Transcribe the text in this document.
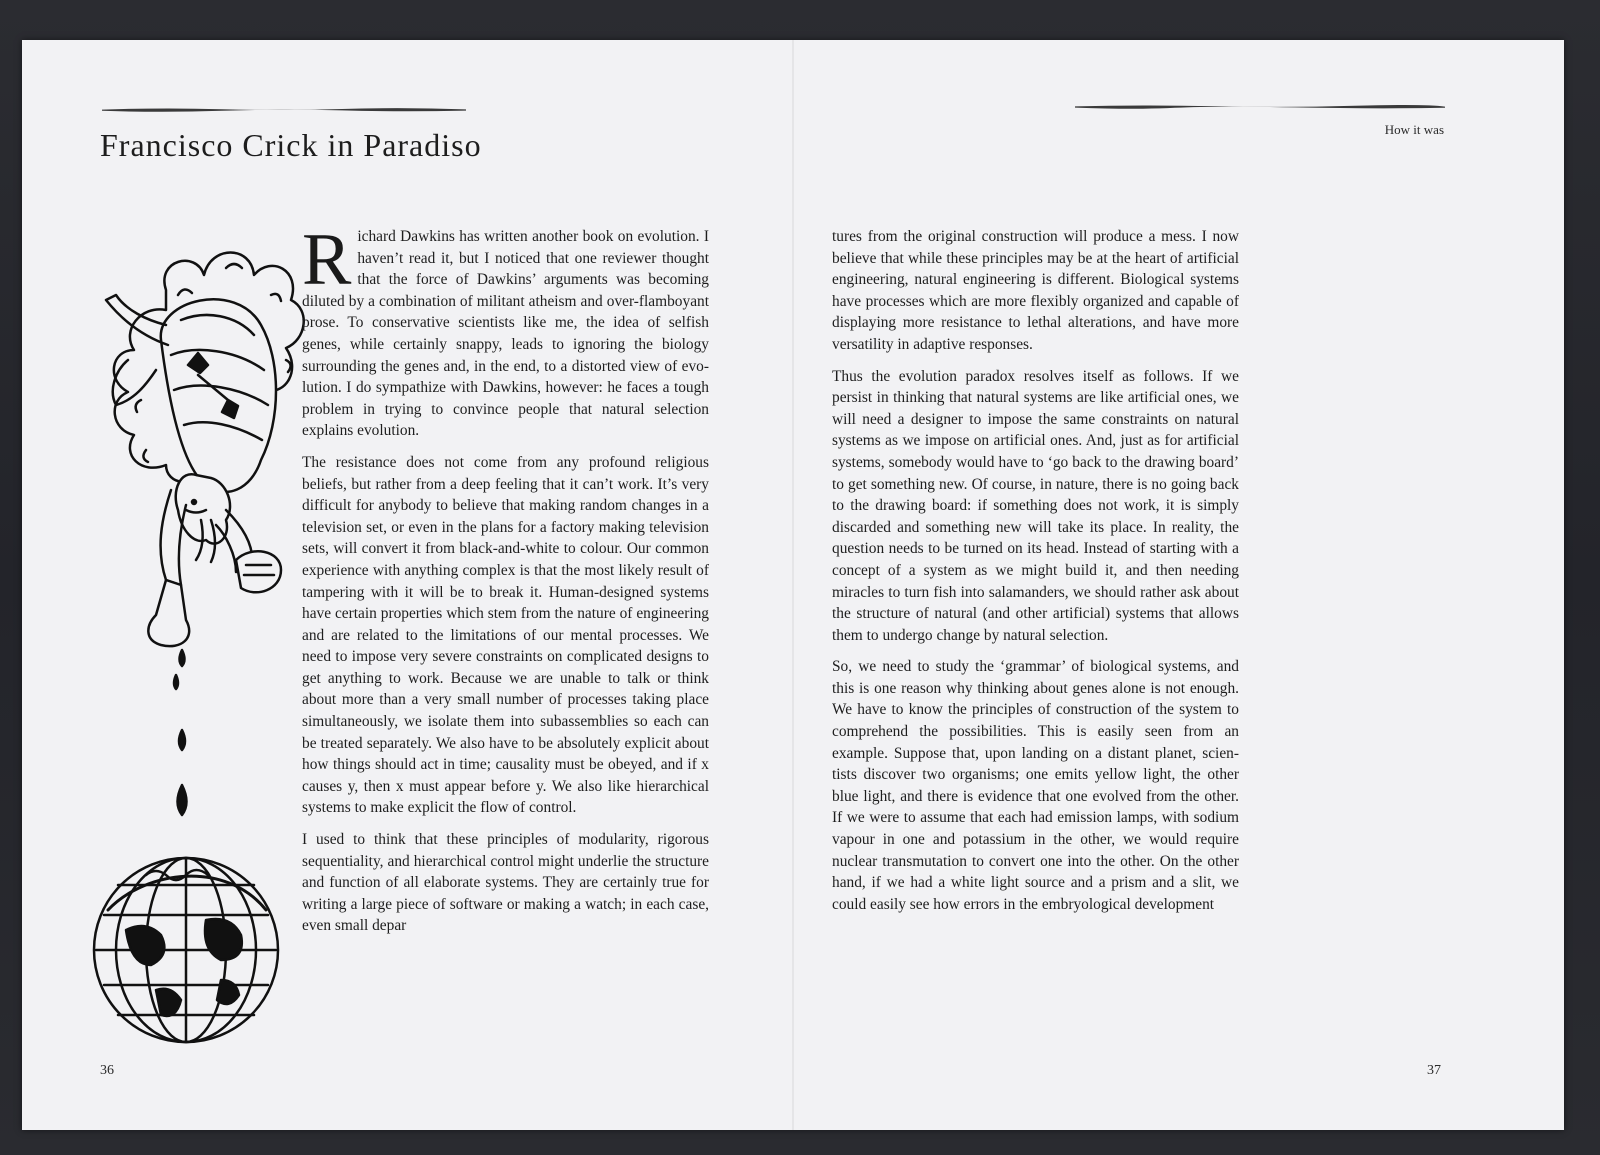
Francisco Crick in Paradiso

Richard Dawkins has written another book on evolution. I haven’t read it, but I noticed that one reviewer thought that the force of Dawkins’ arguments was becoming diluted by a combination of militant atheism and over-flamboyant prose. To conservative scientists like me, the idea of selfish genes, while certainly snappy, leads to ignoring the biology surrounding the genes and, in the end, to a distorted view of evolution. I do sympathize with Dawkins, however: he faces a tough problem in trying to convince people that natural selection explains evolution.

The resistance does not come from any profound religious beliefs, but rather from a deep feeling that it can’t work. It’s very difficult for anybody to believe that making random changes in a television set, or even in the plans for a factory making television sets, will convert it from black-and-white to colour. Our common experience with anything complex is that the most likely result of tampering with it will be to break it. Human-designed systems have certain properties which stem from the nature of engineering and are related to the limitations of our mental processes. We need to impose very severe constraints on complicated designs to get anything to work. Because we are unable to talk or think about more than a very small number of processes taking place simultaneously, we isolate them into subassemblies so each can be treated separately. We also have to be absolutely explicit about how things should act in time; causality must be obeyed, and if x causes y, then x must appear before y. We also like hierarchical systems to make explicit the flow of control.

I used to think that these principles of modularity, rigorous sequentiality, and hierarchical control might underlie the structure and function of all elaborate systems. They are certainly true for writing a large piece of software or making a watch; in each case, even small depar

36
How it was

tures from the original construction will produce a mess. I now believe that while these principles may be at the heart of artificial engineering, natural engineering is different. Biological systems have processes which are more flexibly organized and capable of displaying more resistance to lethal alterations, and have more versatility in adaptive responses.

Thus the evolution paradox resolves itself as follows. If we persist in thinking that natural systems are like artificial ones, we will need a designer to impose the same constraints on natural systems as we impose on artificial ones. And, just as for artificial systems, somebody would have to ‘go back to the drawing board’ to get something new. Of course, in nature, there is no going back to the drawing board: if something does not work, it is simply discarded and something new will take its place. In reality, the question needs to be turned on its head. Instead of starting with a concept of a system as we might build it, and then needing miracles to turn fish into salamanders, we should rather ask about the structure of natural (and other artificial) systems that allows them to undergo change by natural selection.

So, we need to study the ‘grammar’ of biological systems, and this is one reason why thinking about genes alone is not enough. We have to know the principles of construction of the system to comprehend the possibilities. This is easily seen from an example. Suppose that, upon landing on a distant planet, scientists discover two organisms; one emits yellow light, the other blue light, and there is evidence that one evolved from the other. If we were to assume that each had emission lamps, with sodium vapour in one and potassium in the other, we would require nuclear transmutation to convert one into the other. On the other hand, if we had a white light source and a prism and a slit, we could easily see how errors in the embryological development

37
